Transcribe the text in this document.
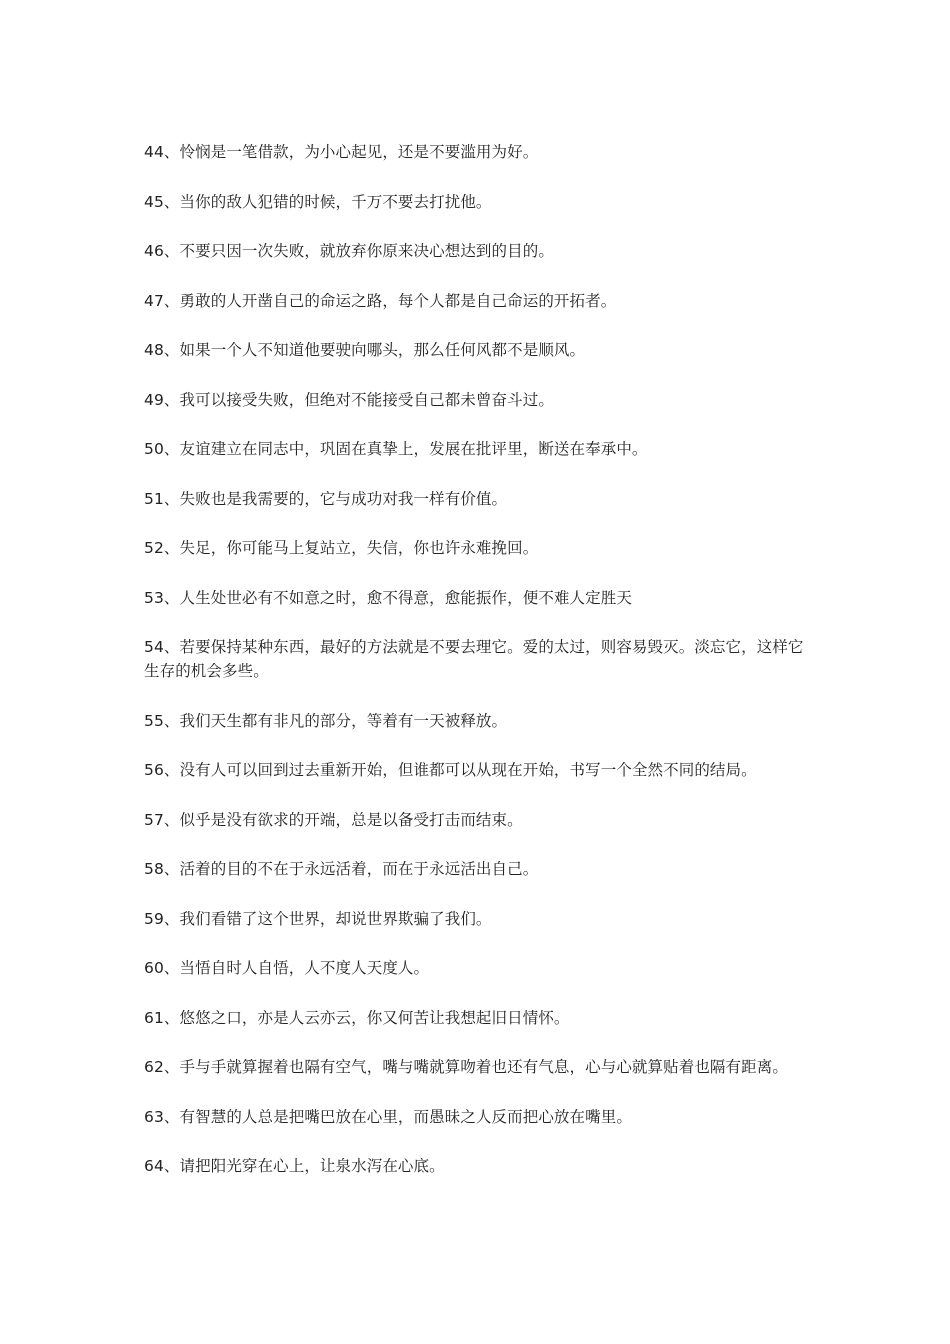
44、怜悯是一笔借款，为小心起见，还是不要滥用为好。

45、当你的敌人犯错的时候，千万不要去打扰他。

46、不要只因一次失败，就放弃你原来决心想达到的目的。

47、勇敢的人开凿自己的命运之路，每个人都是自己命运的开拓者。

48、如果一个人不知道他要驶向哪头，那么任何风都不是顺风。

49、我可以接受失败，但绝对不能接受自己都未曾奋斗过。

50、友谊建立在同志中，巩固在真挚上，发展在批评里，断送在奉承中。

51、失败也是我需要的，它与成功对我一样有价值。

52、失足，你可能马上复站立，失信，你也许永难挽回。

53、人生处世必有不如意之时，愈不得意，愈能振作，便不难人定胜天

54、若要保持某种东西，最好的方法就是不要去理它。爱的太过，则容易毁灭。淡忘它，这样它生存的机会多些。

55、我们天生都有非凡的部分，等着有一天被释放。

56、没有人可以回到过去重新开始，但谁都可以从现在开始，书写一个全然不同的结局。

57、似乎是没有欲求的开端，总是以备受打击而结束。

58、活着的目的不在于永远活着，而在于永远活出自己。

59、我们看错了这个世界，却说世界欺骗了我们。

60、当悟自时人自悟，人不度人天度人。

61、悠悠之口，亦是人云亦云，你又何苦让我想起旧日情怀。

62、手与手就算握着也隔有空气，嘴与嘴就算吻着也还有气息，心与心就算贴着也隔有距离。

63、有智慧的人总是把嘴巴放在心里，而愚昧之人反而把心放在嘴里。

64、请把阳光穿在心上，让泉水泻在心底。
